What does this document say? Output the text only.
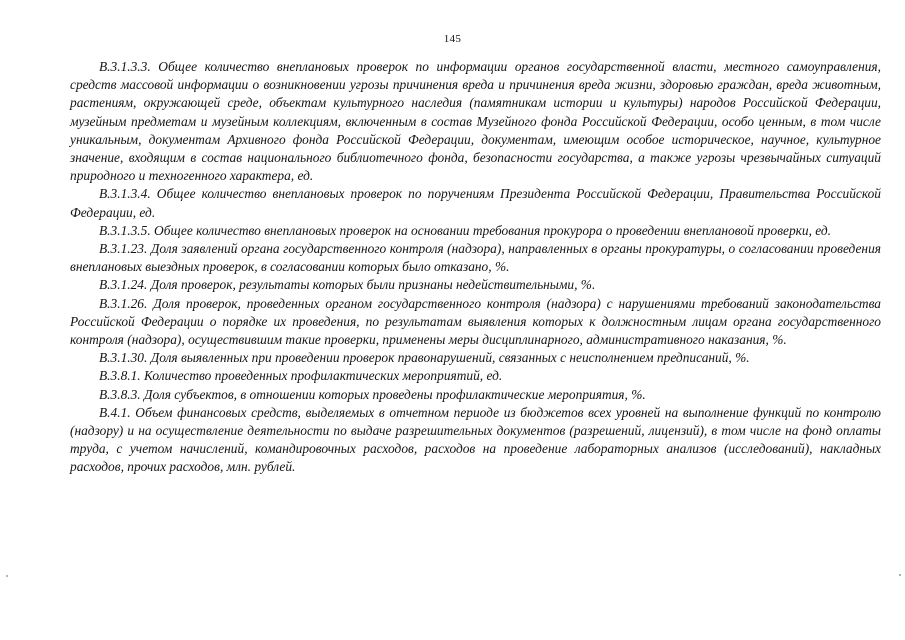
145

В.3.1.3.3. Общее количество внеплановых проверок по информации органов государственной власти, местного самоуправления, средств массовой информации о возникновении угрозы причинения вреда и причинения вреда жизни, здоровью граждан, вреда животным, растениям, окружающей среде, объектам культурного наследия (памятникам истории и культуры) народов Российской Федерации, музейным предметам и музейным коллекциям, включенным в состав Музейного фонда Российской Федерации, особо ценным, в том числе уникальным, документам Архивного фонда Российской Федерации, документам, имеющим особое историческое, научное, культурное значение, входящим в состав национального библиотечного фонда, безопасности государства, а также угрозы чрезвычайных ситуаций природного и техногенного характера, ед.

В.3.1.3.4. Общее количество внеплановых проверок по поручениям Президента Российской Федерации, Правительства Российской Федерации, ед.

В.3.1.3.5. Общее количество внеплановых проверок на основании требования прокурора о проведении внеплановой проверки, ед.

В.3.1.23. Доля заявлений органа государственного контроля (надзора), направленных в органы прокуратуры, о согласовании проведения внеплановых выездных проверок, в согласовании которых было отказано, %.

В.3.1.24. Доля проверок, результаты которых были признаны недействительными, %.

В.3.1.26. Доля проверок, проведенных органом государственного контроля (надзора) с нарушениями требований законодательства Российской Федерации о порядке их проведения, по результатам выявления которых к должностным лицам органа государственного контроля (надзора), осуществившим такие проверки, применены меры дисциплинарного, административного наказания, %.

В.3.1.30. Доля выявленных при проведении проверок правонарушений, связанных с неисполнением предписаний, %.

В.3.8.1. Количество проведенных профилактических мероприятий, ед.

В.3.8.3. Доля субъектов, в отношении которых проведены профилактические мероприятия, %.

В.4.1. Объем финансовых средств, выделяемых в отчетном периоде из бюджетов всех уровней на выполнение функций по контролю (надзору) и на осуществление деятельности по выдаче разрешительных документов (разрешений, лицензий), в том числе на фонд оплаты труда, с учетом начислений, командировочных расходов, расходов на проведение лабораторных анализов (исследований), накладных расходов, прочих расходов, млн. рублей.
